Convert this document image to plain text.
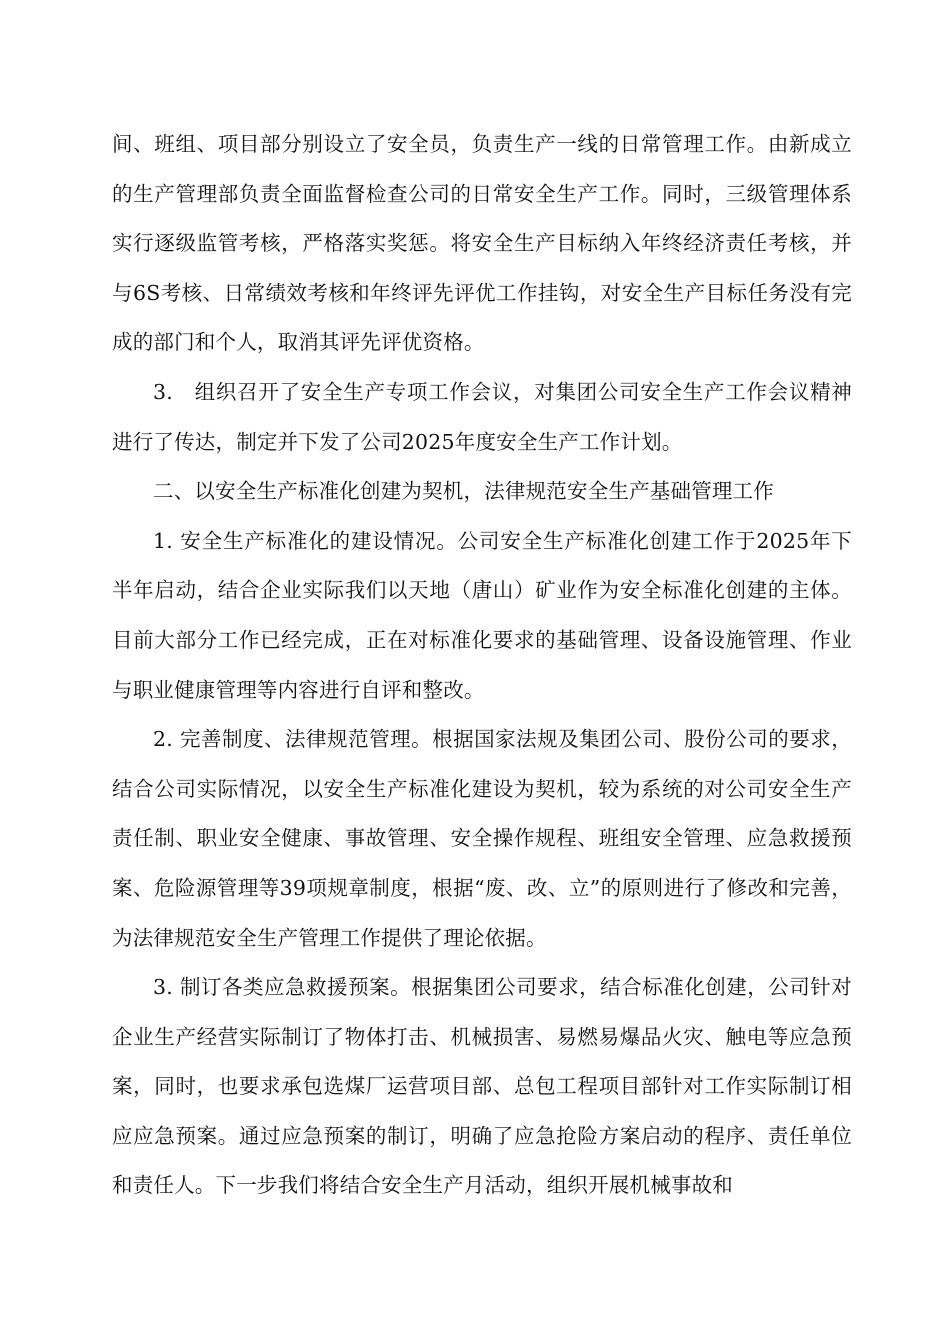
间、班组、项目部分别设立了安全员，负责生产一线的日常管理工作。由新成立的生产管理部负责全面监督检查公司的日常安全生产工作。同时，三级管理体系实行逐级监管考核，严格落实奖惩。将安全生产目标纳入年终经济责任考核，并与6S考核、日常绩效考核和年终评先评优工作挂钩，对安全生产目标任务没有完成的部门和个人，取消其评先评优资格。

3.　组织召开了安全生产专项工作会议，对集团公司安全生产工作会议精神进行了传达，制定并下发了公司2025年度安全生产工作计划。

二、以安全生产标准化创建为契机，法律规范安全生产基础管理工作

1. 安全生产标准化的建设情况。公司安全生产标准化创建工作于2025年下半年启动，结合企业实际我们以天地（唐山）矿业作为安全标准化创建的主体。目前大部分工作已经完成，正在对标准化要求的基础管理、设备设施管理、作业与职业健康管理等内容进行自评和整改。

2. 完善制度、法律规范管理。根据国家法规及集团公司、股份公司的要求，结合公司实际情况，以安全生产标准化建设为契机，较为系统的对公司安全生产责任制、职业安全健康、事故管理、安全操作规程、班组安全管理、应急救援预案、危险源管理等39项规章制度，根据“废、改、立”的原则进行了修改和完善，为法律规范安全生产管理工作提供了理论依据。

3. 制订各类应急救援预案。根据集团公司要求，结合标准化创建，公司针对企业生产经营实际制订了物体打击、机械损害、易燃易爆品火灾、触电等应急预案，同时，也要求承包选煤厂运营项目部、总包工程项目部针对工作实际制订相应应急预案。通过应急预案的制订，明确了应急抢险方案启动的程序、责任单位和责任人。下一步我们将结合安全生产月活动，组织开展机械事故和
